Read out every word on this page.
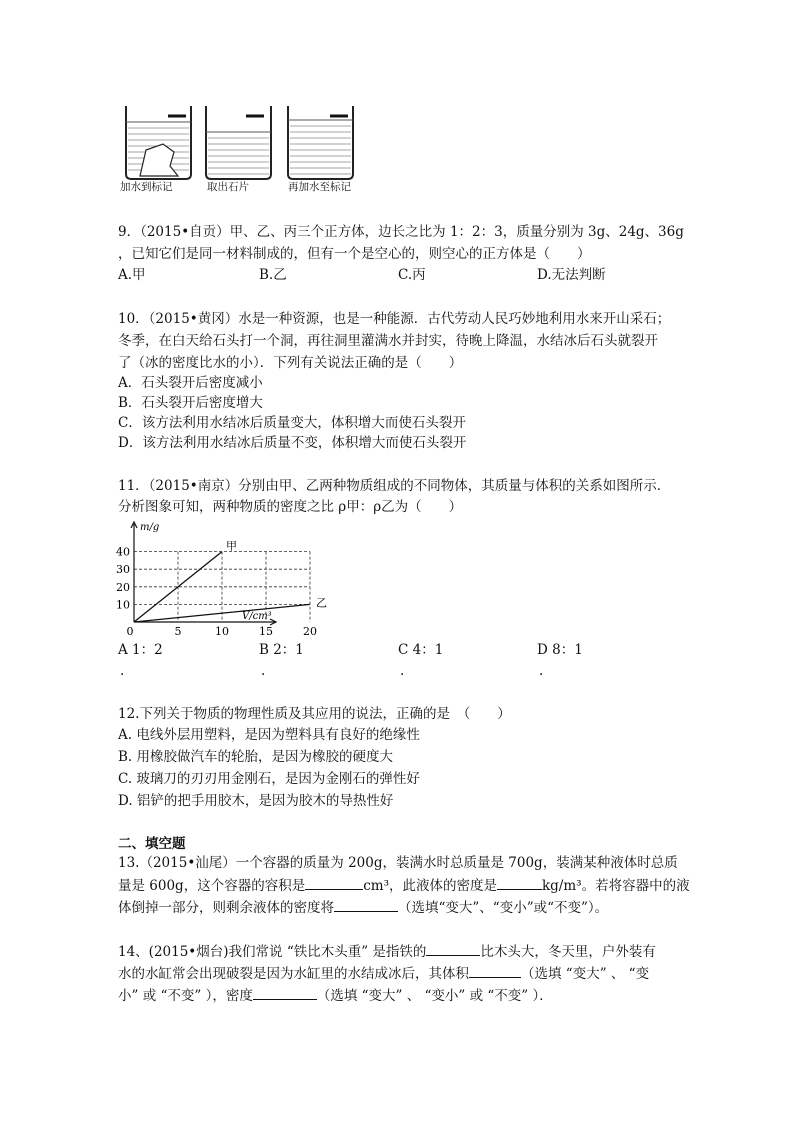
加水到标记	取出石片	再加水至标记
9．（2015•自贡）甲、乙、丙三个正方体，边长之比为 1：2：3，质量分别为 3g、24g、36g
，已知它们是同一材料制成的，但有一个是空心的，则空心的正方体是（　　）
A.甲	B.乙	C.丙	D.无法判断
10．（2015•黄冈）水是一种资源，也是一种能源．古代劳动人民巧妙地利用水来开山采石；
冬季，在白天给石头打一个洞，再往洞里灌满水并封实，待晚上降温，水结冰后石头就裂开
了（冰的密度比水的小）．下列有关说法正确的是（　　）
A．石头裂开后密度减小
B．石头裂开后密度增大
C．该方法利用水结冰后质量变大，体积增大而使石头裂开
D．该方法利用水结冰后质量不变，体积增大而使石头裂开
11．（2015•南京）分别由甲、乙两种物质组成的不同物体，其质量与体积的关系如图所示．
分析图象可知，两种物质的密度之比 ρ甲：ρ乙为（　　）
0	5	10	15	20
10
20
30
40
m/g
V/cm³
甲
乙
A 1：2	B 2：1	C 4：1	D 8：1
.	.	.	.
12.下列关于物质的物理性质及其应用的说法，正确的是　（　　）
A. 电线外层用塑料，是因为塑料具有良好的绝缘性
B. 用橡胶做汽车的轮胎，是因为橡胶的硬度大
C. 玻璃刀的刃刃用金刚石，是因为金刚石的弹性好
D. 铝铲的把手用胶木，是因为胶木的导热性好
二、填空题
13.（2015•汕尾）一个容器的质量为 200g，装满水时总质量是 700g，装满某种液体时总质
量是 600g，这个容器的容积是	cm³，此液体的密度是	kg/m³。若将容器中的液
体倒掉一部分，则剩余液体的密度将	（选填“变大”、“变小”或“不变”）。
14、(2015•烟台)我们常说 “铁比木头重” 是指铁的	比木头大，冬天里，户外装有
水的水缸常会出现破裂是因为水缸里的水结成冰后，其体积	（选填 “变大” 、 “变
小” 或 “不变” ），密度	（选填 “变大” 、 “变小” 或 “不变” ）．
